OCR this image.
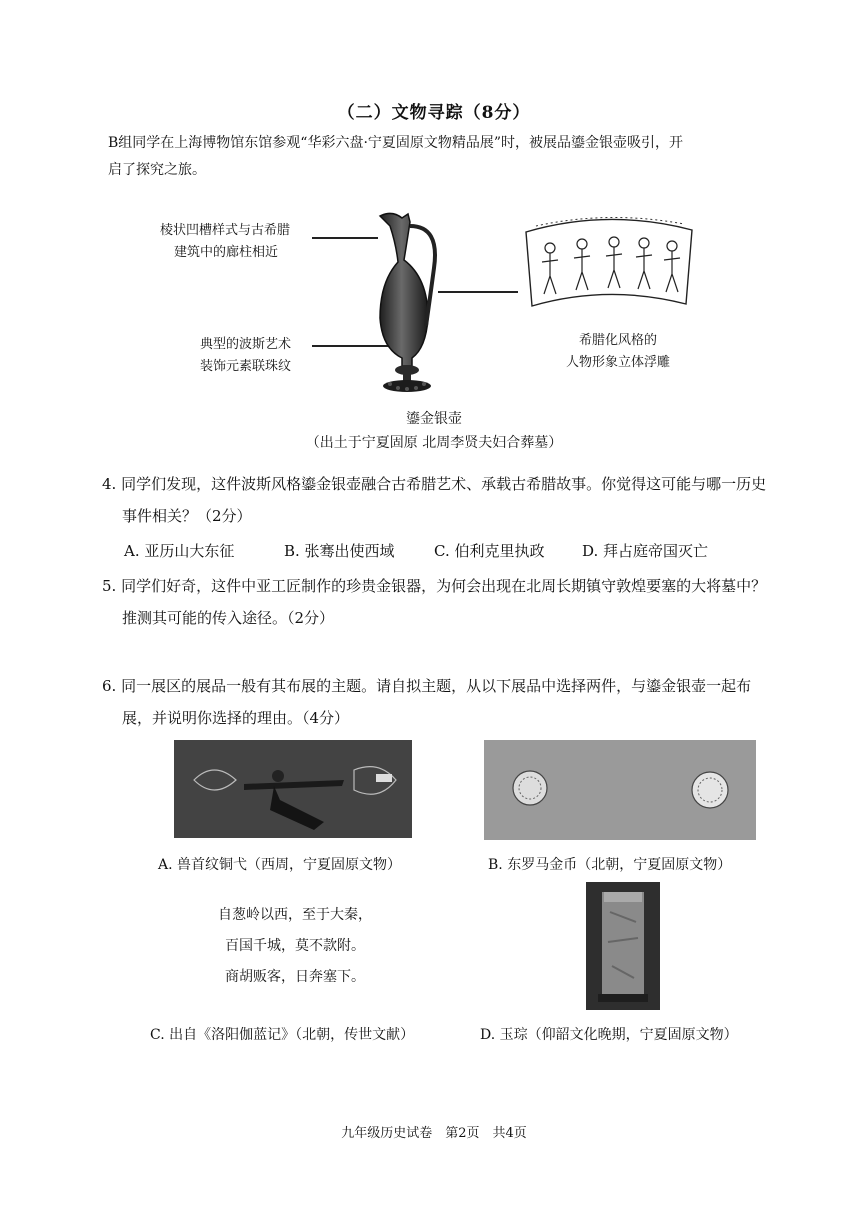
（二）文物寻踪（8分）
B组同学在上海博物馆东馆参观“华彩六盘·宁夏固原文物精品展”时，被展品鎏金银壶吸引，开
启了探究之旅。
棱状凹槽样式与古希腊
建筑中的廊柱相近
典型的波斯艺术
装饰元素联珠纹
希腊化风格的
人物形象立体浮雕
鎏金银壶
（出土于宁夏固原 北周李贤夫妇合葬墓）
4. 同学们发现，这件波斯风格鎏金银壶融合古希腊艺术、承载古希腊故事。你觉得这可能与哪一历史
事件相关？（2分）
A. 亚历山大东征	B. 张骞出使西域	C. 伯利克里执政	D. 拜占庭帝国灭亡
5. 同学们好奇，这件中亚工匠制作的珍贵金银器，为何会出现在北周长期镇守敦煌要塞的大将墓中？
推测其可能的传入途径。（2分）
6. 同一展区的展品一般有其布展的主题。请自拟主题，从以下展品中选择两件，与鎏金银壶一起布
展，并说明你选择的理由。（4分）
A. 兽首纹铜弋（西周，宁夏固原文物）	B. 东罗马金币（北朝，宁夏固原文物）
自葱岭以西，至于大秦，
百国千城，莫不款附。
商胡贩客，日奔塞下。
C. 出自《洛阳伽蓝记》（北朝，传世文献）	D. 玉琮（仰韶文化晚期，宁夏固原文物）
九年级历史试卷　第2页　共4页
